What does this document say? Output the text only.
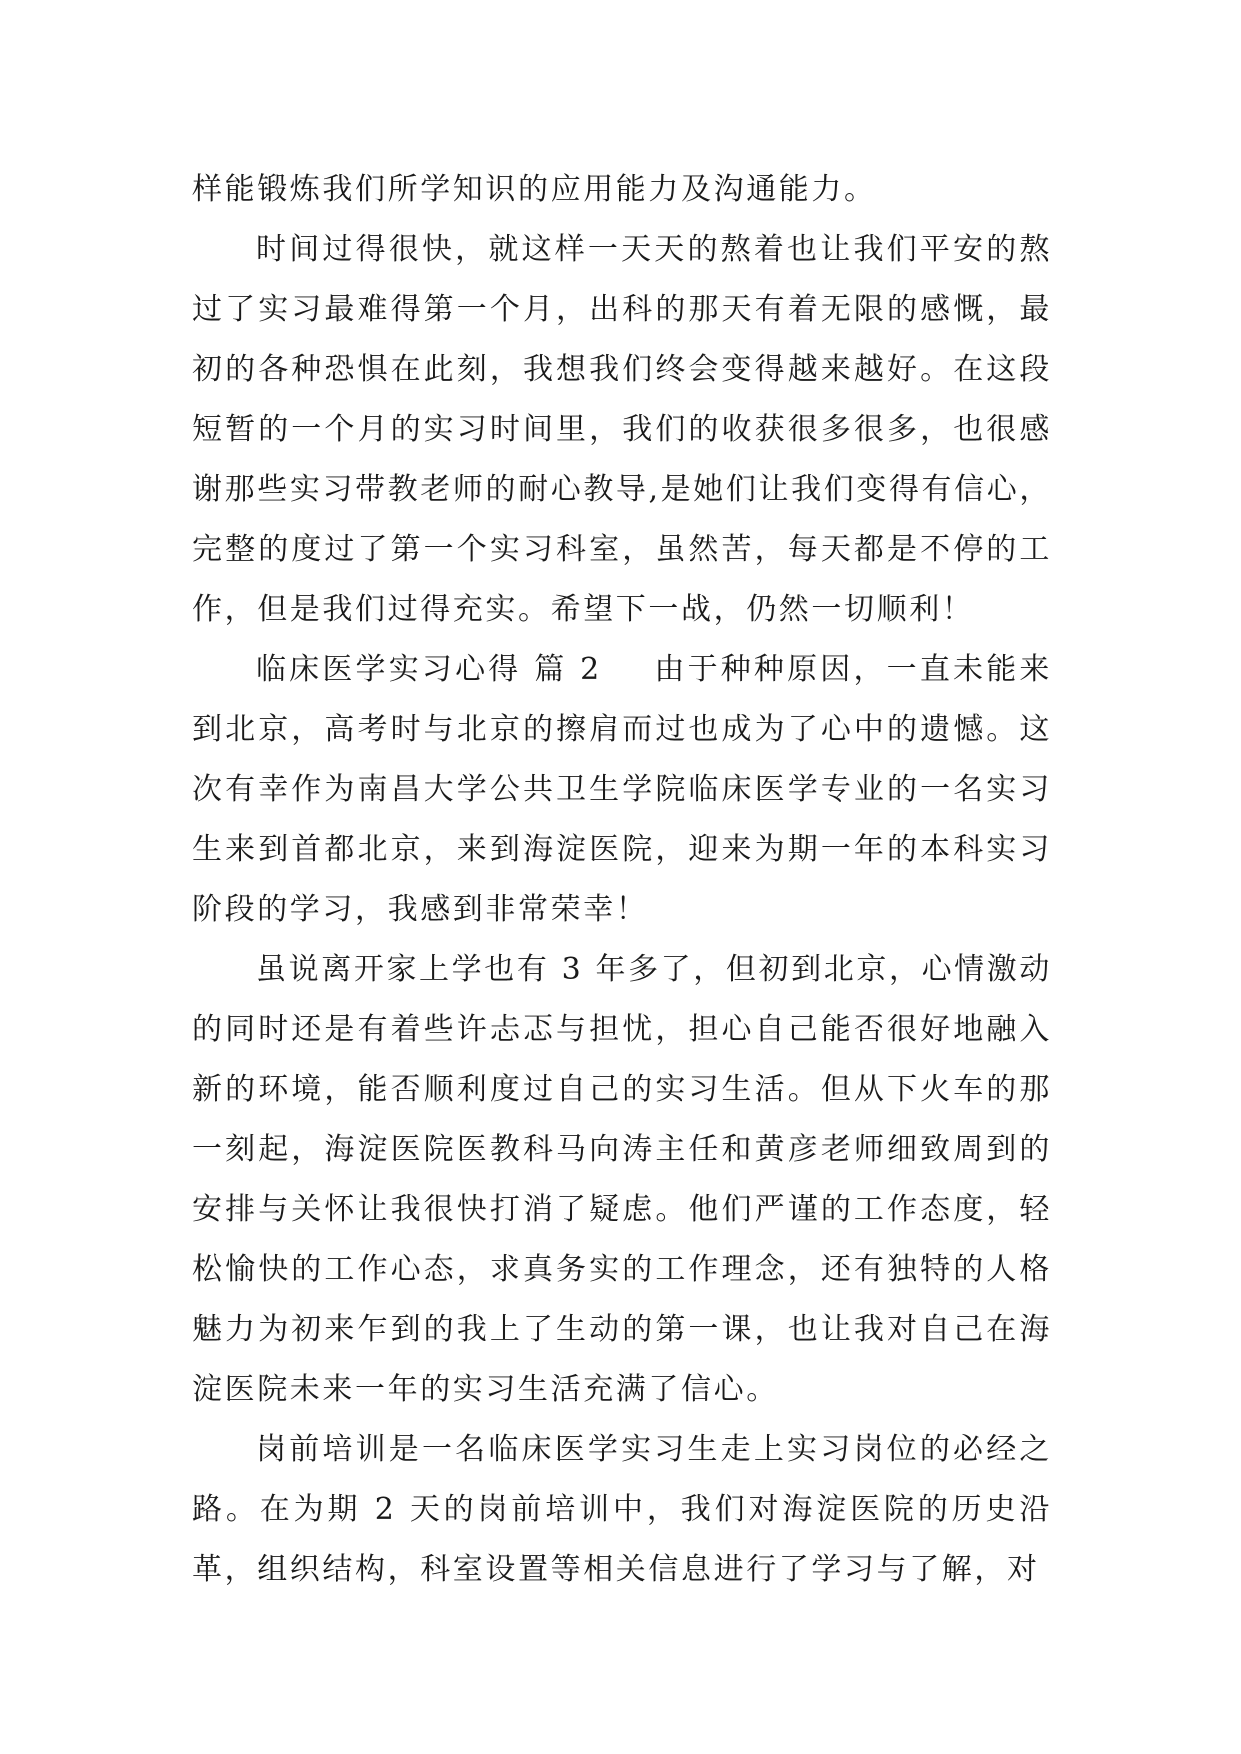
样能锻炼我们所学知识的应用能力及沟通能力。

时间过得很快，就这样一天天的熬着也让我们平安的熬过了实习最难得第一个月，出科的那天有着无限的感慨，最初的各种恐惧在此刻，我想我们终会变得越来越好。在这段短暂的一个月的实习时间里，我们的收获很多很多，也很感谢那些实习带教老师的耐心教导,是她们让我们变得有信心，完整的度过了第一个实习科室，虽然苦，每天都是不停的工作，但是我们过得充实。希望下一战，仍然一切顺利！

临床医学实习心得 篇 2 由于种种原因，一直未能来到北京，高考时与北京的擦肩而过也成为了心中的遗憾。这次有幸作为南昌大学公共卫生学院临床医学专业的一名实习生来到首都北京，来到海淀医院，迎来为期一年的本科实习阶段的学习，我感到非常荣幸！

虽说离开家上学也有 3 年多了，但初到北京，心情激动的同时还是有着些许忐忑与担忧，担心自己能否很好地融入新的环境，能否顺利度过自己的实习生活。但从下火车的那一刻起，海淀医院医教科马向涛主任和黄彦老师细致周到的安排与关怀让我很快打消了疑虑。他们严谨的工作态度，轻松愉快的工作心态，求真务实的工作理念，还有独特的人格魅力为初来乍到的我上了生动的第一课，也让我对自己在海淀医院未来一年的实习生活充满了信心。

岗前培训是一名临床医学实习生走上实习岗位的必经之路。在为期 2 天的岗前培训中，我们对海淀医院的历史沿革，组织结构，科室设置等相关信息进行了学习与了解，对
